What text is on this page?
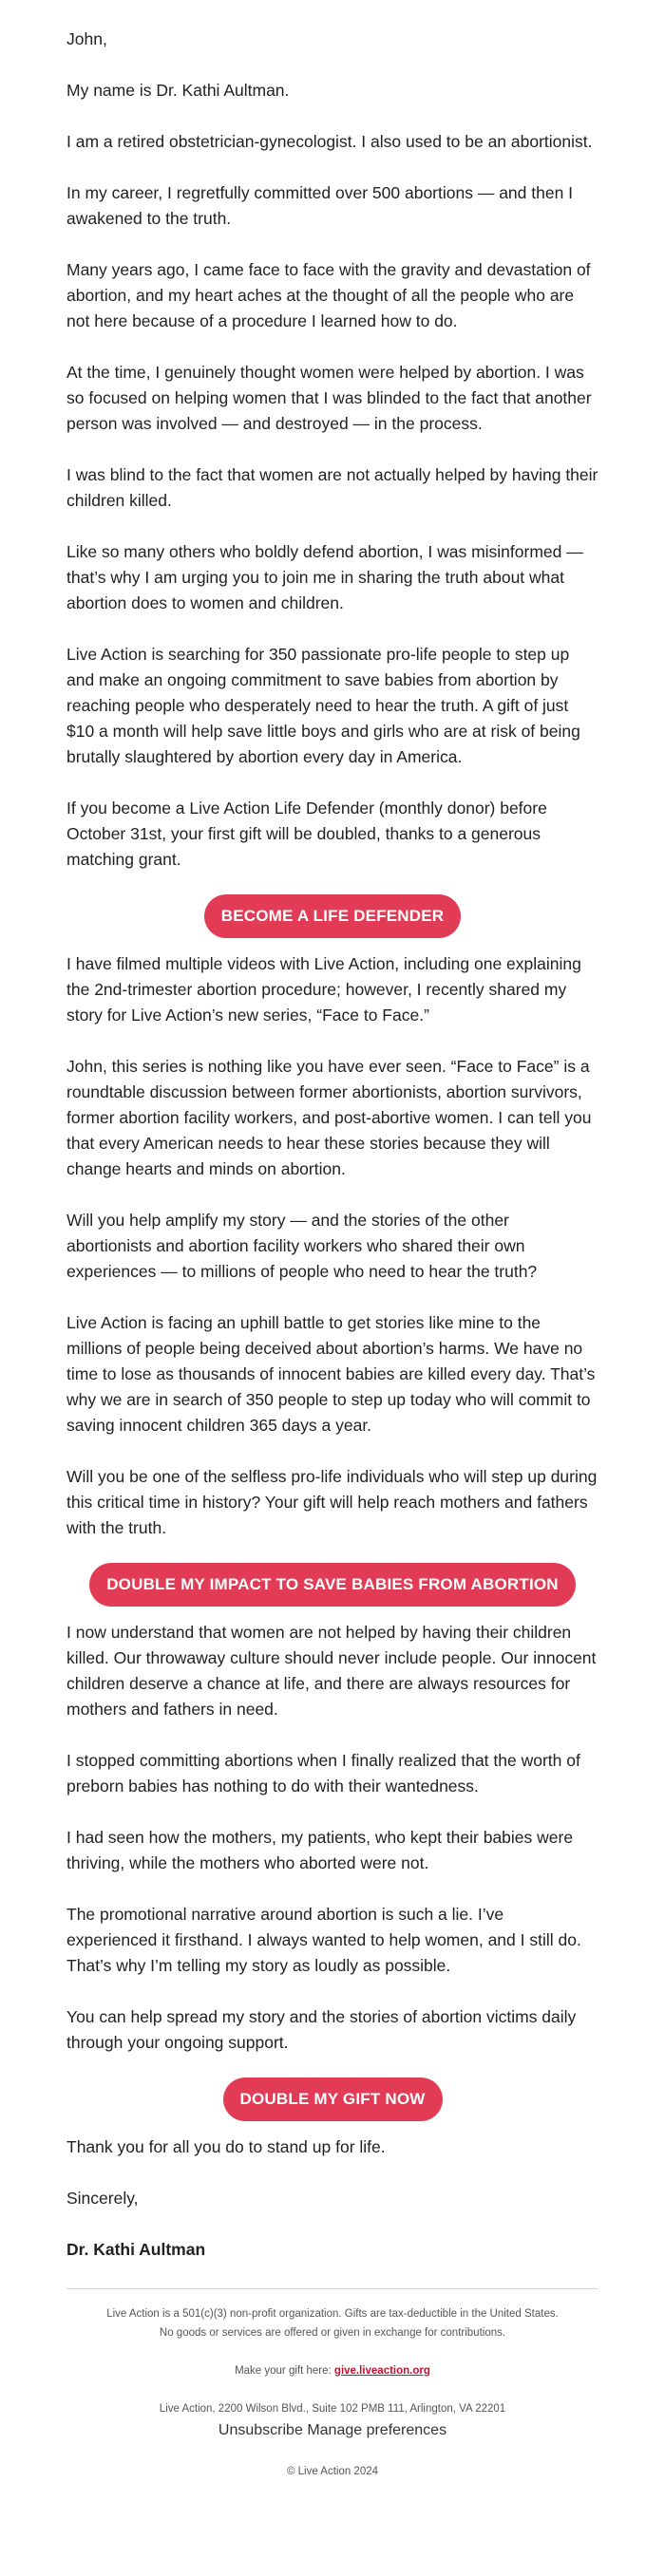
John,

My name is Dr. Kathi Aultman.

I am a retired obstetrician-gynecologist. I also used to be an abortionist.

In my career, I regretfully committed over 500 abortions — and then I awakened to the truth.

Many years ago, I came face to face with the gravity and devastation of abortion, and my heart aches at the thought of all the people who are not here because of a procedure I learned how to do.

At the time, I genuinely thought women were helped by abortion. I was so focused on helping women that I was blinded to the fact that another person was involved — and destroyed — in the process.

I was blind to the fact that women are not actually helped by having their children killed.

Like so many others who boldly defend abortion, I was misinformed — that’s why I am urging you to join me in sharing the truth about what abortion does to women and children.

Live Action is searching for 350 passionate pro-life people to step up and make an ongoing commitment to save babies from abortion by reaching people who desperately need to hear the truth. A gift of just $10 a month will help save little boys and girls who are at risk of being brutally slaughtered by abortion every day in America.

If you become a Live Action Life Defender (monthly donor) before October 31st, your first gift will be doubled, thanks to a generous matching grant.

BECOME A LIFE DEFENDER

I have filmed multiple videos with Live Action, including one explaining the 2nd-trimester abortion procedure; however, I recently shared my story for Live Action’s new series, “Face to Face.”

John, this series is nothing like you have ever seen. “Face to Face” is a roundtable discussion between former abortionists, abortion survivors, former abortion facility workers, and post-abortive women. I can tell you that every American needs to hear these stories because they will change hearts and minds on abortion.

Will you help amplify my story — and the stories of the other abortionists and abortion facility workers who shared their own experiences — to millions of people who need to hear the truth?

Live Action is facing an uphill battle to get stories like mine to the millions of people being deceived about abortion’s harms. We have no time to lose as thousands of innocent babies are killed every day. That’s why we are in search of 350 people to step up today who will commit to saving innocent children 365 days a year.

Will you be one of the selfless pro-life individuals who will step up during this critical time in history? Your gift will help reach mothers and fathers with the truth.

DOUBLE MY IMPACT TO SAVE BABIES FROM ABORTION

I now understand that women are not helped by having their children killed. Our throwaway culture should never include people. Our innocent children deserve a chance at life, and there are always resources for mothers and fathers in need.

I stopped committing abortions when I finally realized that the worth of preborn babies has nothing to do with their wantedness.

I had seen how the mothers, my patients, who kept their babies were thriving, while the mothers who aborted were not.

The promotional narrative around abortion is such a lie. I’ve experienced it firsthand. I always wanted to help women, and I still do. That’s why I’m telling my story as loudly as possible.

You can help spread my story and the stories of abortion victims daily through your ongoing support.

DOUBLE MY GIFT NOW

Thank you for all you do to stand up for life.

Sincerely,

Dr. Kathi Aultman

Live Action is a 501(c)(3) non-profit organization. Gifts are tax-deductible in the United States.
No goods or services are offered or given in exchange for contributions.
Make your gift here: give.liveaction.org
Live Action, 2200 Wilson Blvd., Suite 102 PMB 111, Arlington, VA 22201
Unsubscribe Manage preferences
© Live Action 2024
